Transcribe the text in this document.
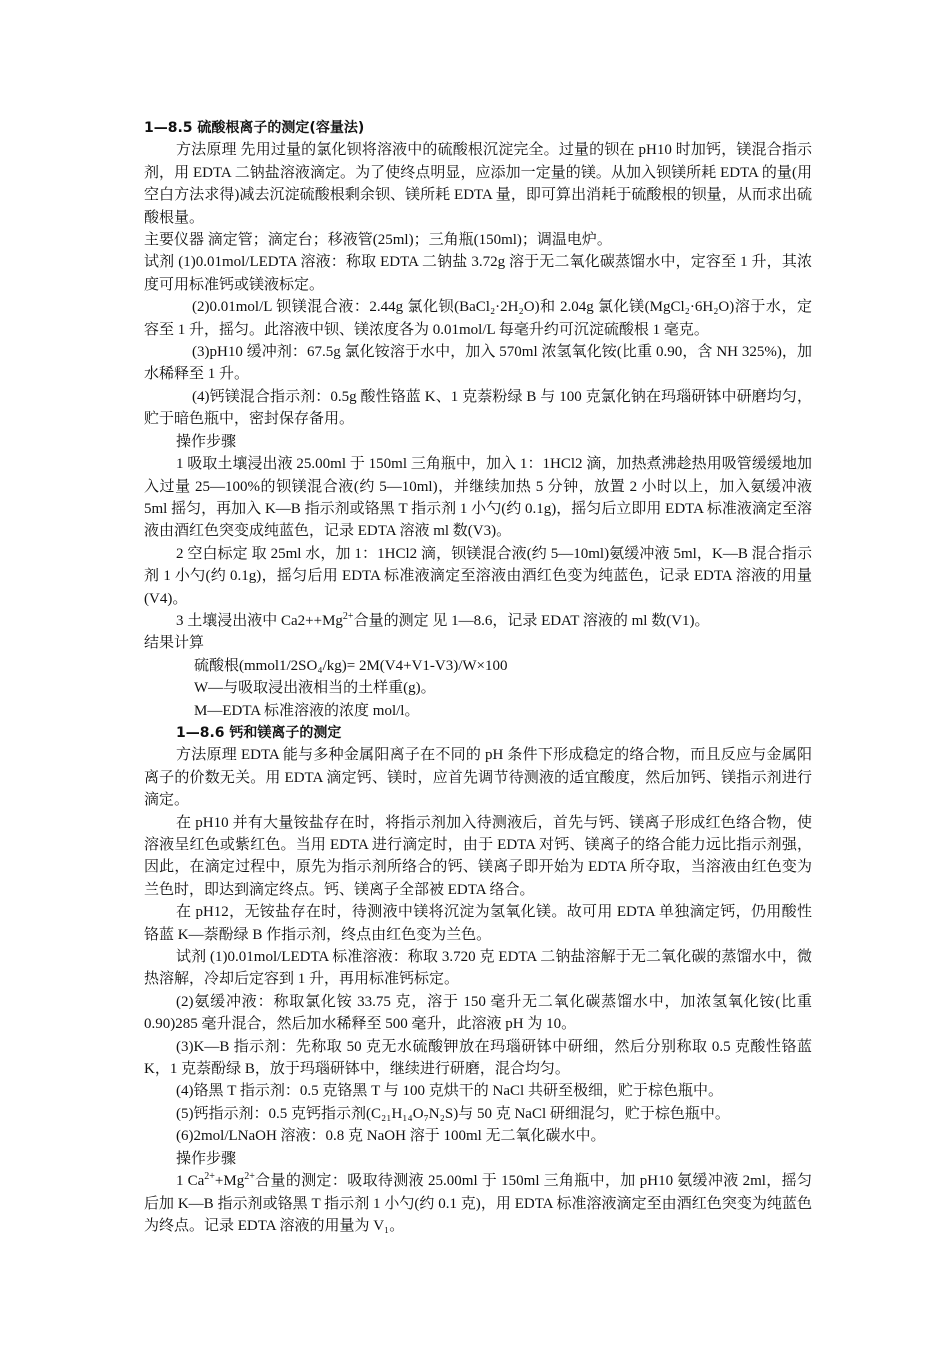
1—8.5 硫酸根离子的测定(容量法)

方法原理 先用过量的氯化钡将溶液中的硫酸根沉淀完全。过量的钡在 pH10 时加钙，镁混合指示剂，用 EDTA 二钠盐溶液滴定。为了使终点明显，应添加一定量的镁。从加入钡镁所耗 EDTA 的量(用空白方法求得)减去沉淀硫酸根剩余钡、镁所耗 EDTA 量，即可算出消耗于硫酸根的钡量，从而求出硫酸根量。

主要仪器 滴定管；滴定台；移液管(25ml)；三角瓶(150ml)；调温电炉。

试剂 (1)0.01mol/LEDTA 溶液：称取 EDTA 二钠盐 3.72g 溶于无二氧化碳蒸馏水中，定容至 1 升，其浓度可用标准钙或镁液标定。

(2)0.01mol/L 钡镁混合液：2.44g 氯化钡(BaCl₂·2H₂O)和 2.04g 氯化镁(MgCl₂·6H₂O)溶于水，定容至 1 升，摇匀。此溶液中钡、镁浓度各为 0.01mol/L 每毫升约可沉淀硫酸根 1 毫克。

(3)pH10 缓冲剂：67.5g 氯化铵溶于水中，加入 570ml 浓氢氧化铵(比重 0.90，含 NH 325%)，加水稀释至 1 升。

(4)钙镁混合指示剂：0.5g 酸性铬蓝 K、1 克萘粉绿 B 与 100 克氯化钠在玛瑙研钵中研磨均匀，贮于暗色瓶中，密封保存备用。

操作步骤

1 吸取土壤浸出液 25.00ml 于 150ml 三角瓶中，加入 1：1HCl2 滴，加热煮沸趁热用吸管缓缓地加入过量 25—100%的钡镁混合液(约 5—10ml)，并继续加热 5 分钟，放置 2 小时以上，加入氨缓冲液 5ml 摇匀，再加入 K—B 指示剂或铬黑 T 指示剂 1 小勺(约 0.1g)，摇匀后立即用 EDTA 标准液滴定至溶液由酒红色突变成纯蓝色，记录 EDTA 溶液 ml 数(V3)。

2 空白标定 取 25ml 水，加 1：1HCl2 滴，钡镁混合液(约 5—10ml)氨缓冲液 5ml，K—B 混合指示剂 1 小勺(约 0.1g)，摇匀后用 EDTA 标准液滴定至溶液由酒红色变为纯蓝色，记录 EDTA 溶液的用量(V4)。

3 土壤浸出液中 $Ca2++Mg^{2+}$合量的测定 见 1—8.6，记录 EDAT 溶液的 ml 数(V1)。

结果计算

硫酸根(mmol1/2SO₄/kg)= 2M(V4+V1-V3)/W×100

W—与吸取浸出液相当的土样重(g)。

M—EDTA 标准溶液的浓度 mol/l。

1—8.6 钙和镁离子的测定

方法原理 EDTA 能与多种金属阳离子在不同的 pH 条件下形成稳定的络合物，而且反应与金属阳离子的价数无关。用 EDTA 滴定钙、镁时，应首先调节待测液的适宜酸度，然后加钙、镁指示剂进行滴定。

在 pH10 并有大量铵盐存在时，将指示剂加入待测液后，首先与钙、镁离子形成红色络合物，使溶液呈红色或紫红色。当用 EDTA 进行滴定时，由于 EDTA 对钙、镁离子的络合能力远比指示剂强，因此，在滴定过程中，原先为指示剂所络合的钙、镁离子即开始为 EDTA 所夺取，当溶液由红色变为兰色时，即达到滴定终点。钙、镁离子全部被 EDTA 络合。

在 pH12，无铵盐存在时，待测液中镁将沉淀为氢氧化镁。故可用 EDTA 单独滴定钙，仍用酸性铬蓝 K—萘酚绿 B 作指示剂，终点由红色变为兰色。

试剂 (1)0.01mol/LEDTA 标准溶液：称取 3.720 克 EDTA 二钠盐溶解于无二氧化碳的蒸馏水中，微热溶解，冷却后定容到 1 升，再用标准钙标定。

(2)氨缓冲液：称取氯化铵 33.75 克，溶于 150 毫升无二氧化碳蒸馏水中，加浓氢氧化铵(比重 0.90)285 毫升混合，然后加水稀释至 500 毫升，此溶液 pH 为 10。

(3)K—B 指示剂：先称取 50 克无水硫酸钾放在玛瑙研钵中研细，然后分别称取 0.5 克酸性铬蓝 K，1 克萘酚绿 B，放于玛瑙研钵中，继续进行研磨，混合均匀。

(4)铬黑 T 指示剂：0.5 克铬黑 T 与 100 克烘干的 NaCl 共研至极细，贮于棕色瓶中。

(5)钙指示剂：0.5 克钙指示剂(C₂₁H₁₄O₇N₂S)与 50 克 NaCl 研细混匀，贮于棕色瓶中。

(6)2mol/LNaOH 溶液：0.8 克 NaOH 溶于 100ml 无二氧化碳水中。

操作步骤

1 $Ca^{2+}+Mg^{2+}$合量的测定：吸取待测液 25.00ml 于 150ml 三角瓶中，加 pH10 氨缓冲液 2ml，摇匀后加 K—B 指示剂或铬黑 T 指示剂 1 小勺(约 0.1 克)，用 EDTA 标准溶液滴定至由酒红色突变为纯蓝色为终点。记录 EDTA 溶液的用量为 V₁。
